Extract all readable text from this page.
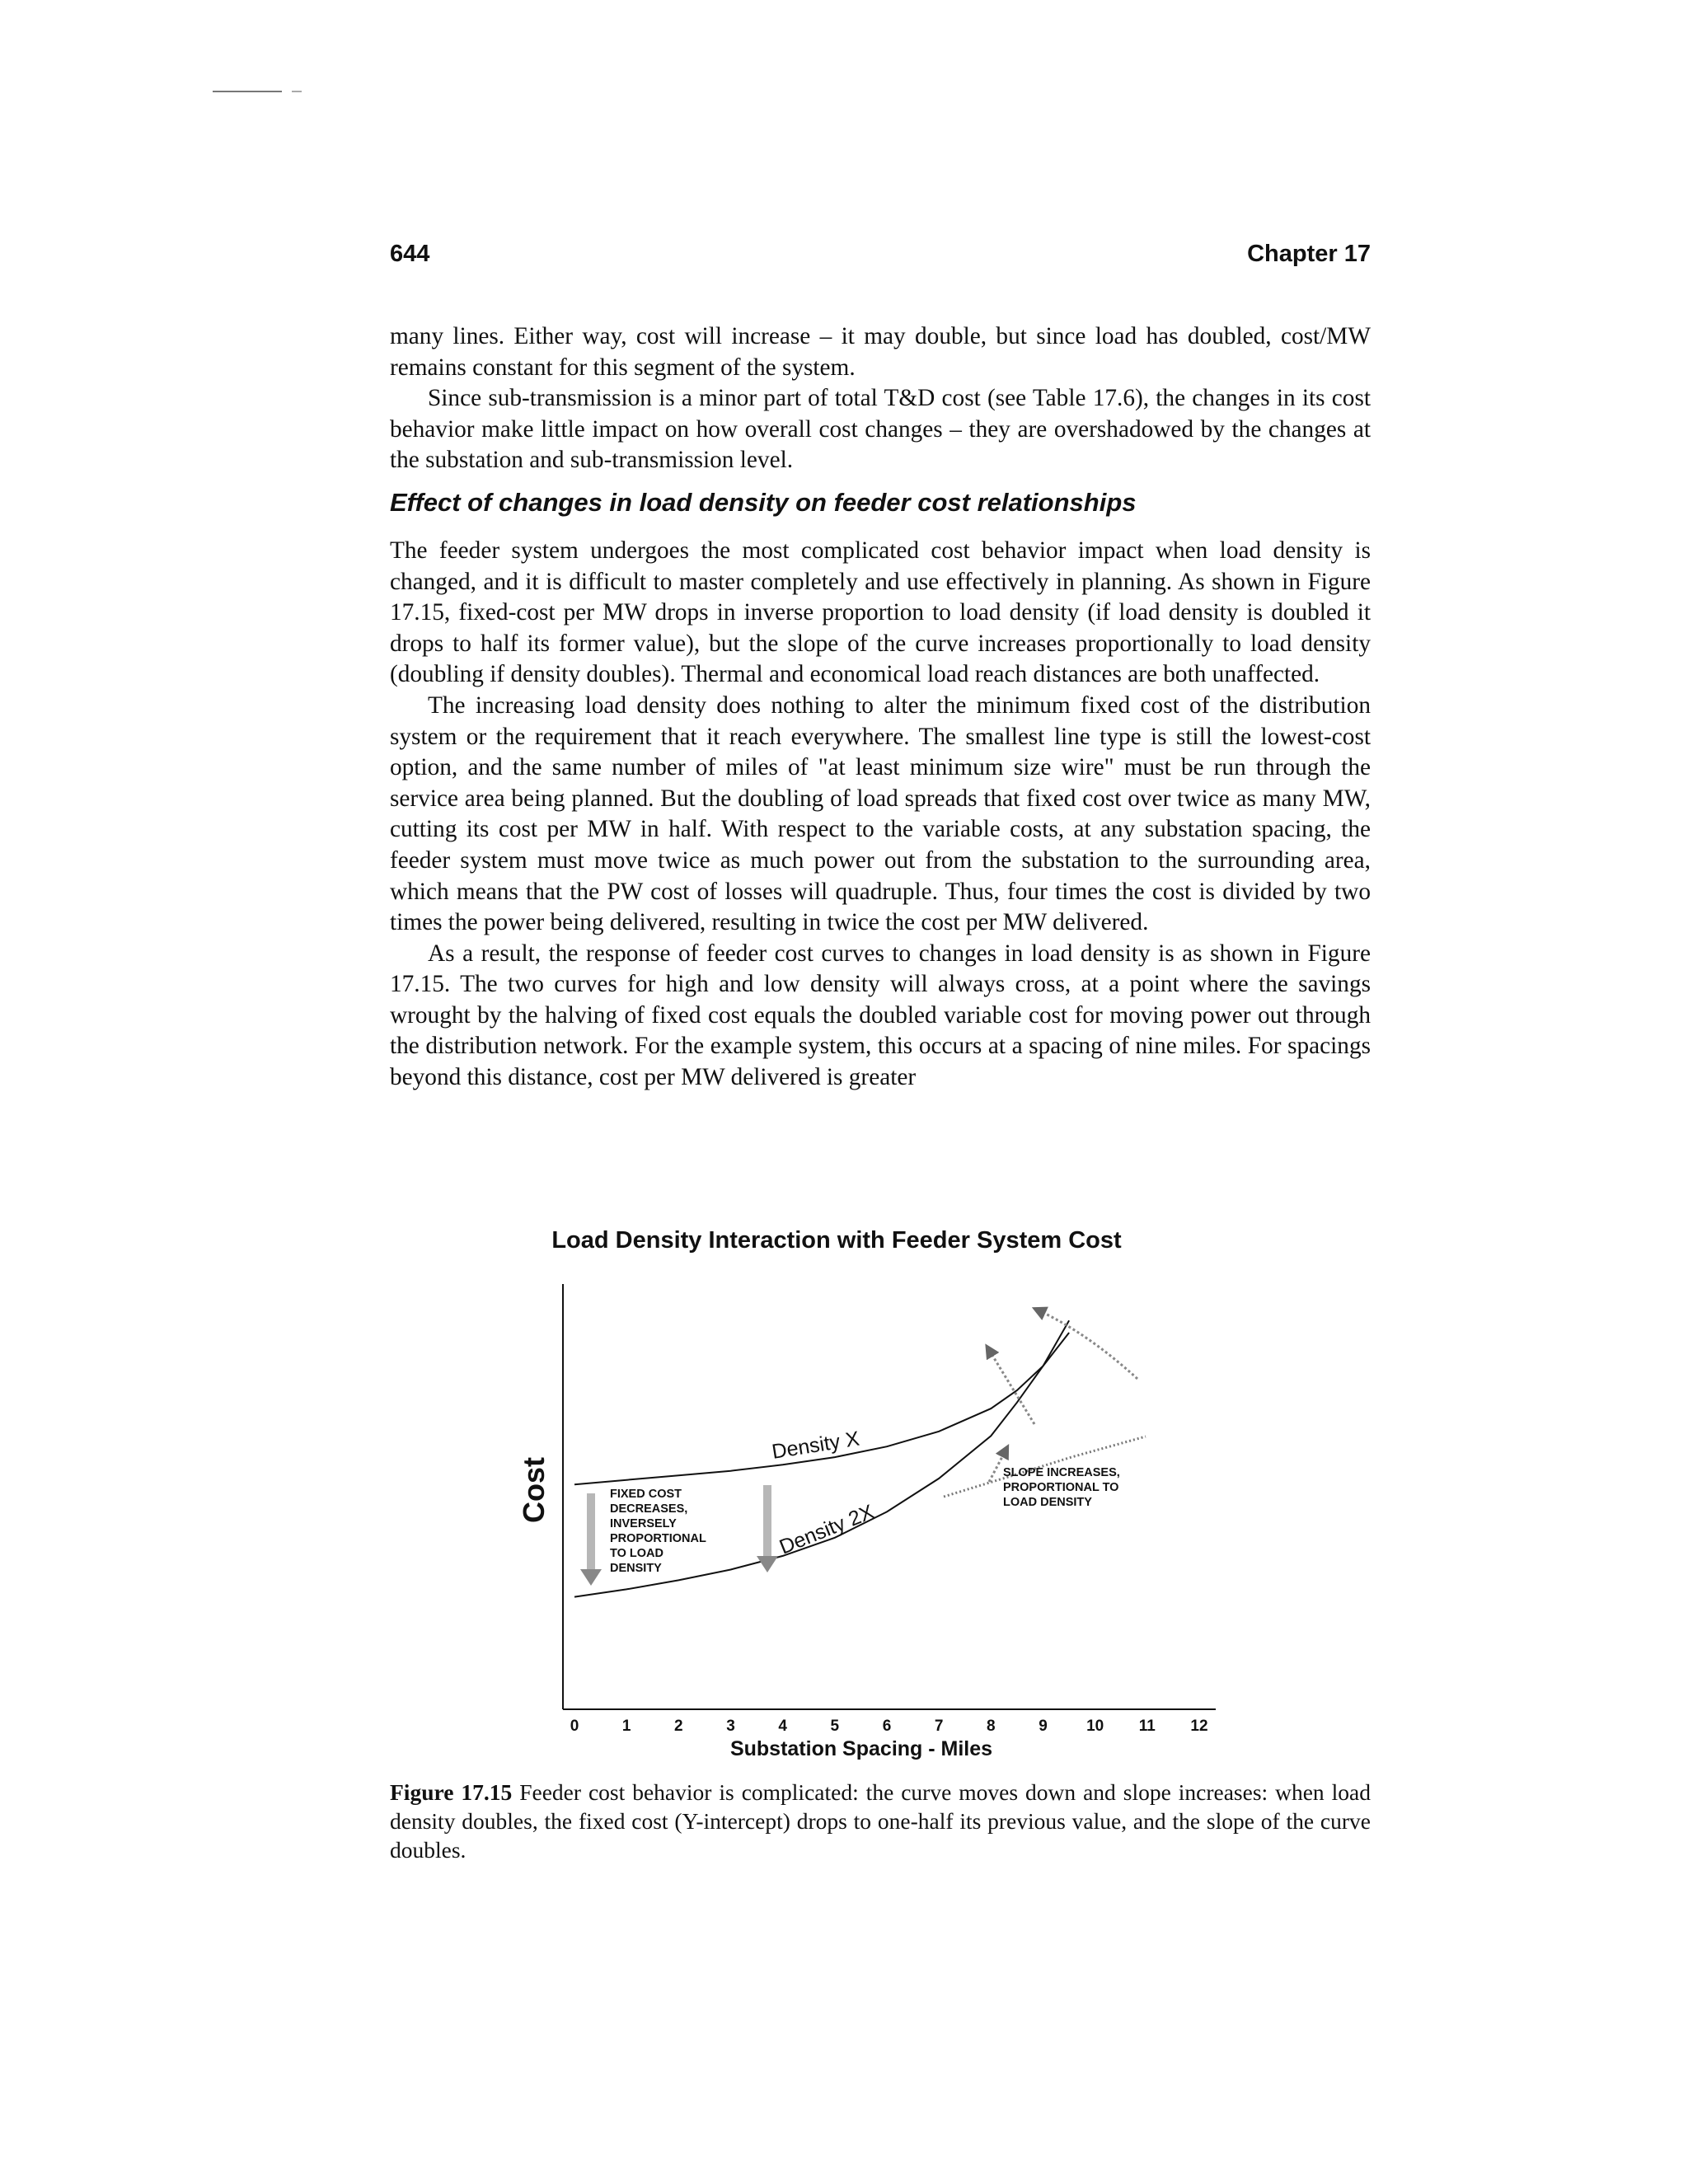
644	Chapter 17

many lines. Either way, cost will increase – it may double, but since load has doubled, cost/MW remains constant for this segment of the system.

Since sub-transmission is a minor part of total T&D cost (see Table 17.6), the changes in its cost behavior make little impact on how overall cost changes – they are overshadowed by the changes at the substation and sub-transmission level.

Effect of changes in load density on feeder cost relationships

The feeder system undergoes the most complicated cost behavior impact when load density is changed, and it is difficult to master completely and use effectively in planning. As shown in Figure 17.15, fixed-cost per MW drops in inverse proportion to load density (if load density is doubled it drops to half its former value), but the slope of the curve increases proportionally to load density (doubling if density doubles). Thermal and economical load reach distances are both unaffected.

The increasing load density does nothing to alter the minimum fixed cost of the distribution system or the requirement that it reach everywhere. The smallest line type is still the lowest-cost option, and the same number of miles of "at least minimum size wire" must be run through the service area being planned. But the doubling of load spreads that fixed cost over twice as many MW, cutting its cost per MW in half. With respect to the variable costs, at any substation spacing, the feeder system must move twice as much power out from the substation to the surrounding area, which means that the PW cost of losses will quadruple. Thus, four times the cost is divided by two times the power being delivered, resulting in twice the cost per MW delivered.

As a result, the response of feeder cost curves to changes in load density is as shown in Figure 17.15. The two curves for high and low density will always cross, at a point where the savings wrought by the halving of fixed cost equals the doubled variable cost for moving power out through the distribution network. For the example system, this occurs at a spacing of nine miles. For spacings beyond this distance, cost per MW delivered is greater

Load Density Interaction with Feeder System Cost
Cost
0	1	2	3	4	5	6	7	8	9 10 11 12
Substation Spacing - Miles
Density X
Density 2X
FIXED COST DECREASES, INVERSELY PROPORTIONAL TO LOAD DENSITY
SLOPE INCREASES, PROPORTIONAL TO LOAD DENSITY
Figure 17.15 Feeder cost behavior is complicated: the curve moves down and slope increases: when load density doubles, the fixed cost (Y-intercept) drops to one-half its previous value, and the slope of the curve doubles.
